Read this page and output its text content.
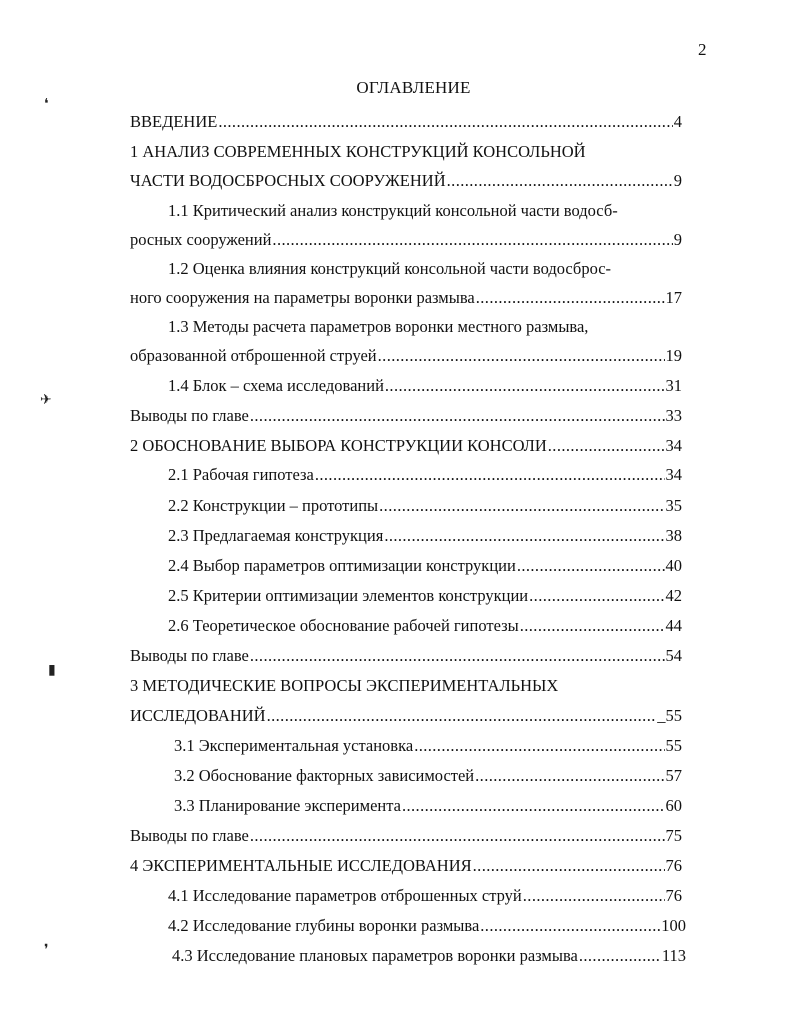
2
ОГЛАВЛЕНИЕ
❛
✈
▮
❜
ВВЕДЕНИЕ .....	4
1 АНАЛИЗ СОВРЕМЕННЫХ КОНСТРУКЦИЙ КОНСОЛЬНОЙ
ЧАСТИ ВОДОСБРОСНЫХ СООРУЖЕНИЙ .....	9
1.1 Критический анализ конструкций консольной части водосб-
росных сооружений .....	9
1.2 Оценка влияния конструкций консольной части водосброс-
ного сооружения на параметры воронки размыва .....	17
1.3 Методы расчета параметров воронки местного размыва,
образованной отброшенной струей .....	19
1.4 Блок – схема исследований .....	31
Выводы по главе .....	33
2 ОБОСНОВАНИЕ ВЫБОРА КОНСТРУКЦИИ КОНСОЛИ .....	34
2.1 Рабочая гипотеза .....	34
2.2 Конструкции – прототипы .....	35
2.3 Предлагаемая конструкция .....	38
2.4 Выбор параметров оптимизации конструкции .....	40
2.5 Критерии оптимизации элементов конструкции .....	42
2.6 Теоретическое обоснование рабочей гипотезы .....	44
Выводы по главе .....	54
3 МЕТОДИЧЕСКИЕ ВОПРОСЫ ЭКСПЕРИМЕНТАЛЬНЫХ
ИССЛЕДОВАНИЙ .....	_55
3.1 Экспериментальная установка .....	55
3.2 Обоснование факторных зависимостей .....	57
3.3 Планирование эксперимента .....	60
Выводы по главе .....	75
4 ЭКСПЕРИМЕНТАЛЬНЫЕ ИССЛЕДОВАНИЯ .....	76
4.1 Исследование параметров отброшенных струй .....	76
4.2 Исследование глубины воронки размыва .....	100
4.3 Исследование плановых параметров воронки размыва .....	113
